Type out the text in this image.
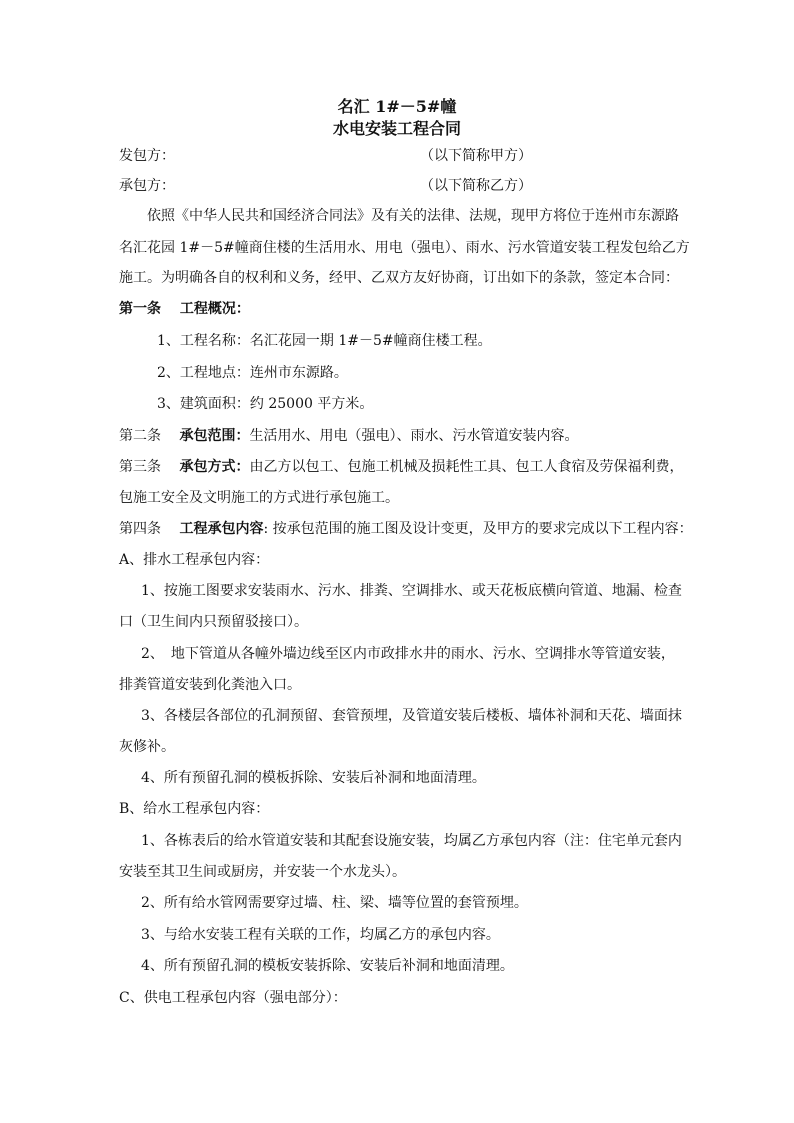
名汇 1#－5#幢
水电安装工程合同
发包方：	（以下简称甲方）
承包方：	（以下简称乙方）
依照《中华人民共和国经济合同法》及有关的法律、法规，现甲方将位于连州市东源路
名汇花园 1#－5#幢商住楼的生活用水、用电（强电）、雨水、污水管道安装工程发包给乙方
施工。为明确各自的权利和义务，经甲、乙双方友好协商，订出如下的条款，签定本合同：
第一条　 工程概况：
1、工程名称：名汇花园一期 1#－5#幢商住楼工程。
2、工程地点：连州市东源路。
3、建筑面积：约 25000 平方米。
第二条　 承包范围：生活用水、用电（强电）、雨水、污水管道安装内容。
第三条　 承包方式：由乙方以包工、包施工机械及损耗性工具、包工人食宿及劳保福利费，
包施工安全及文明施工的方式进行承包施工。
第四条　 工程承包内容: 按承包范围的施工图及设计变更，及甲方的要求完成以下工程内容：
A、排水工程承包内容：
1、按施工图要求安装雨水、污水、排粪、空调排水、或天花板底横向管道、地漏、检查
口（卫生间内只预留驳接口）。
2、　地下管道从各幢外墙边线至区内市政排水井的雨水、污水、空调排水等管道安装，
排粪管道安装到化粪池入口。
3、各楼层各部位的孔洞预留、套管预埋，及管道安装后楼板、墙体补洞和天花、墙面抹
灰修补。
4、所有预留孔洞的模板拆除、安装后补洞和地面清理。
B、给水工程承包内容：
1、各栋表后的给水管道安装和其配套设施安装，均属乙方承包内容（注：住宅单元套内
安装至其卫生间或厨房，并安装一个水龙头）。
2、所有给水管网需要穿过墙、柱、梁、墙等位置的套管预埋。
3、与给水安装工程有关联的工作，均属乙方的承包内容。
4、所有预留孔洞的模板安装拆除、安装后补洞和地面清理。
C、供电工程承包内容（强电部分）：
